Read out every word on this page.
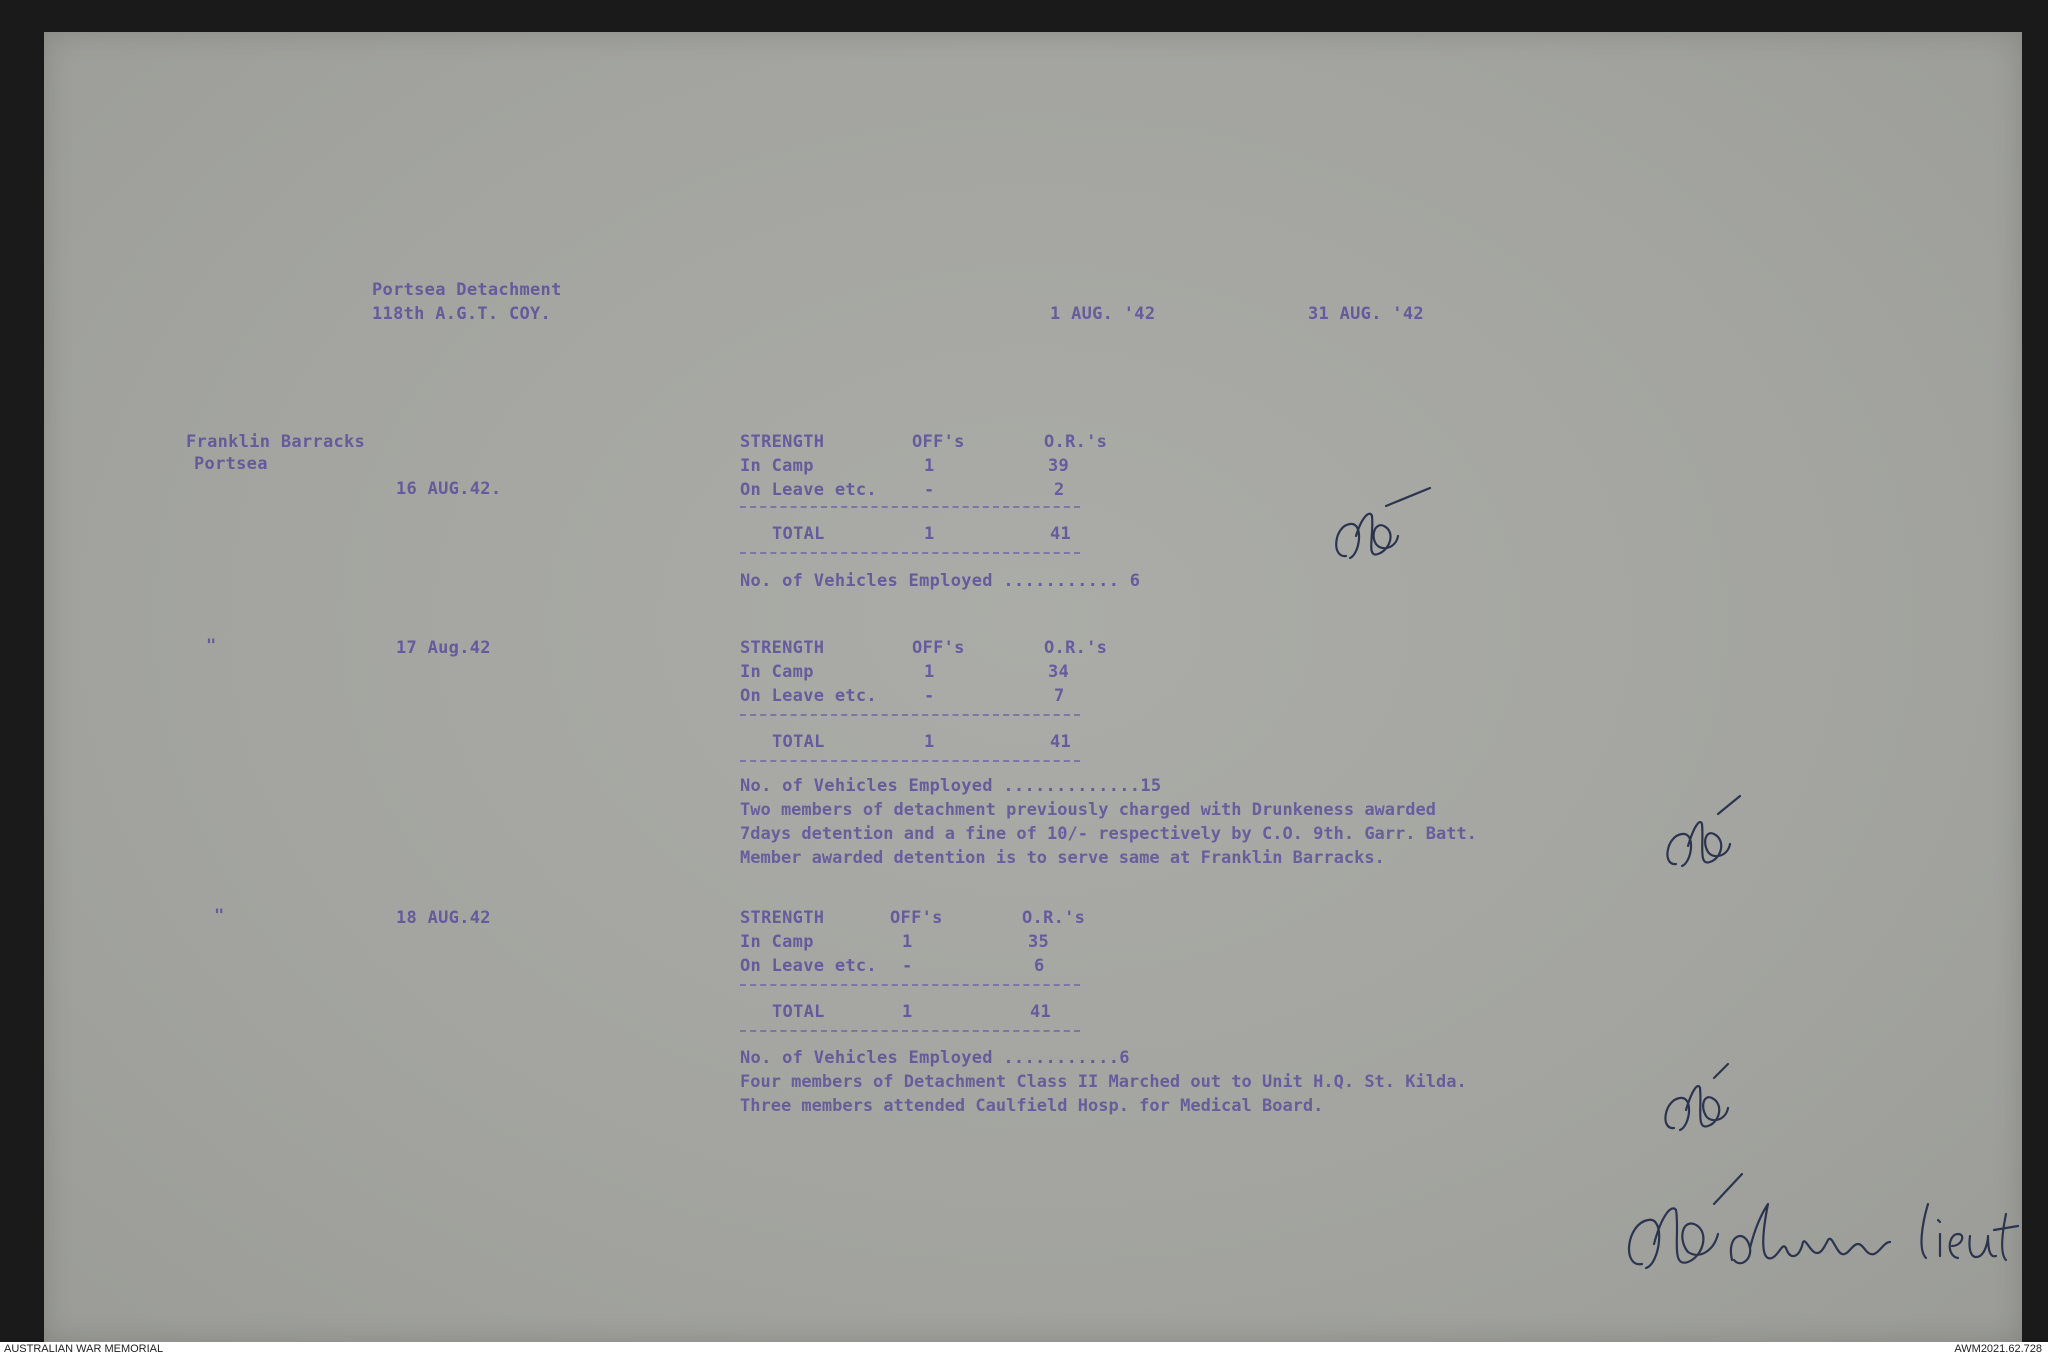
Portsea Detachment
118th A.G.T. COY.	1 AUG. '42	31 AUG. '42
Franklin Barracks
Portsea
16 AUG.42.
STRENGTH	OFF's	O.R.'s
In Camp	1	39
On Leave etc.	-	2
TOTAL	1	41
No. of Vehicles Employed ........... 6
"	17 Aug.42	STRENGTH	OFF's	O.R.'s
In Camp	1	34
On Leave etc.	-	7
TOTAL	1	41
No. of Vehicles Employed .............15
Two members of detachment previously charged with Drunkeness awarded
7days detention and a fine of 10/- respectively by C.O. 9th. Garr. Batt.
Member awarded detention is to serve same at Franklin Barracks.
"	18 AUG.42	STRENGTH	OFF's	O.R.'s
In Camp	1	35
On Leave etc. -	6
TOTAL	1	41
No. of Vehicles Employed ...........6
Four members of Detachment Class II Marched out to Unit H.Q. St. Kilda.
Three members attended Caulfield Hosp. for Medical Board.
AUSTRALIAN WAR MEMORIAL	AWM2021.62.728
